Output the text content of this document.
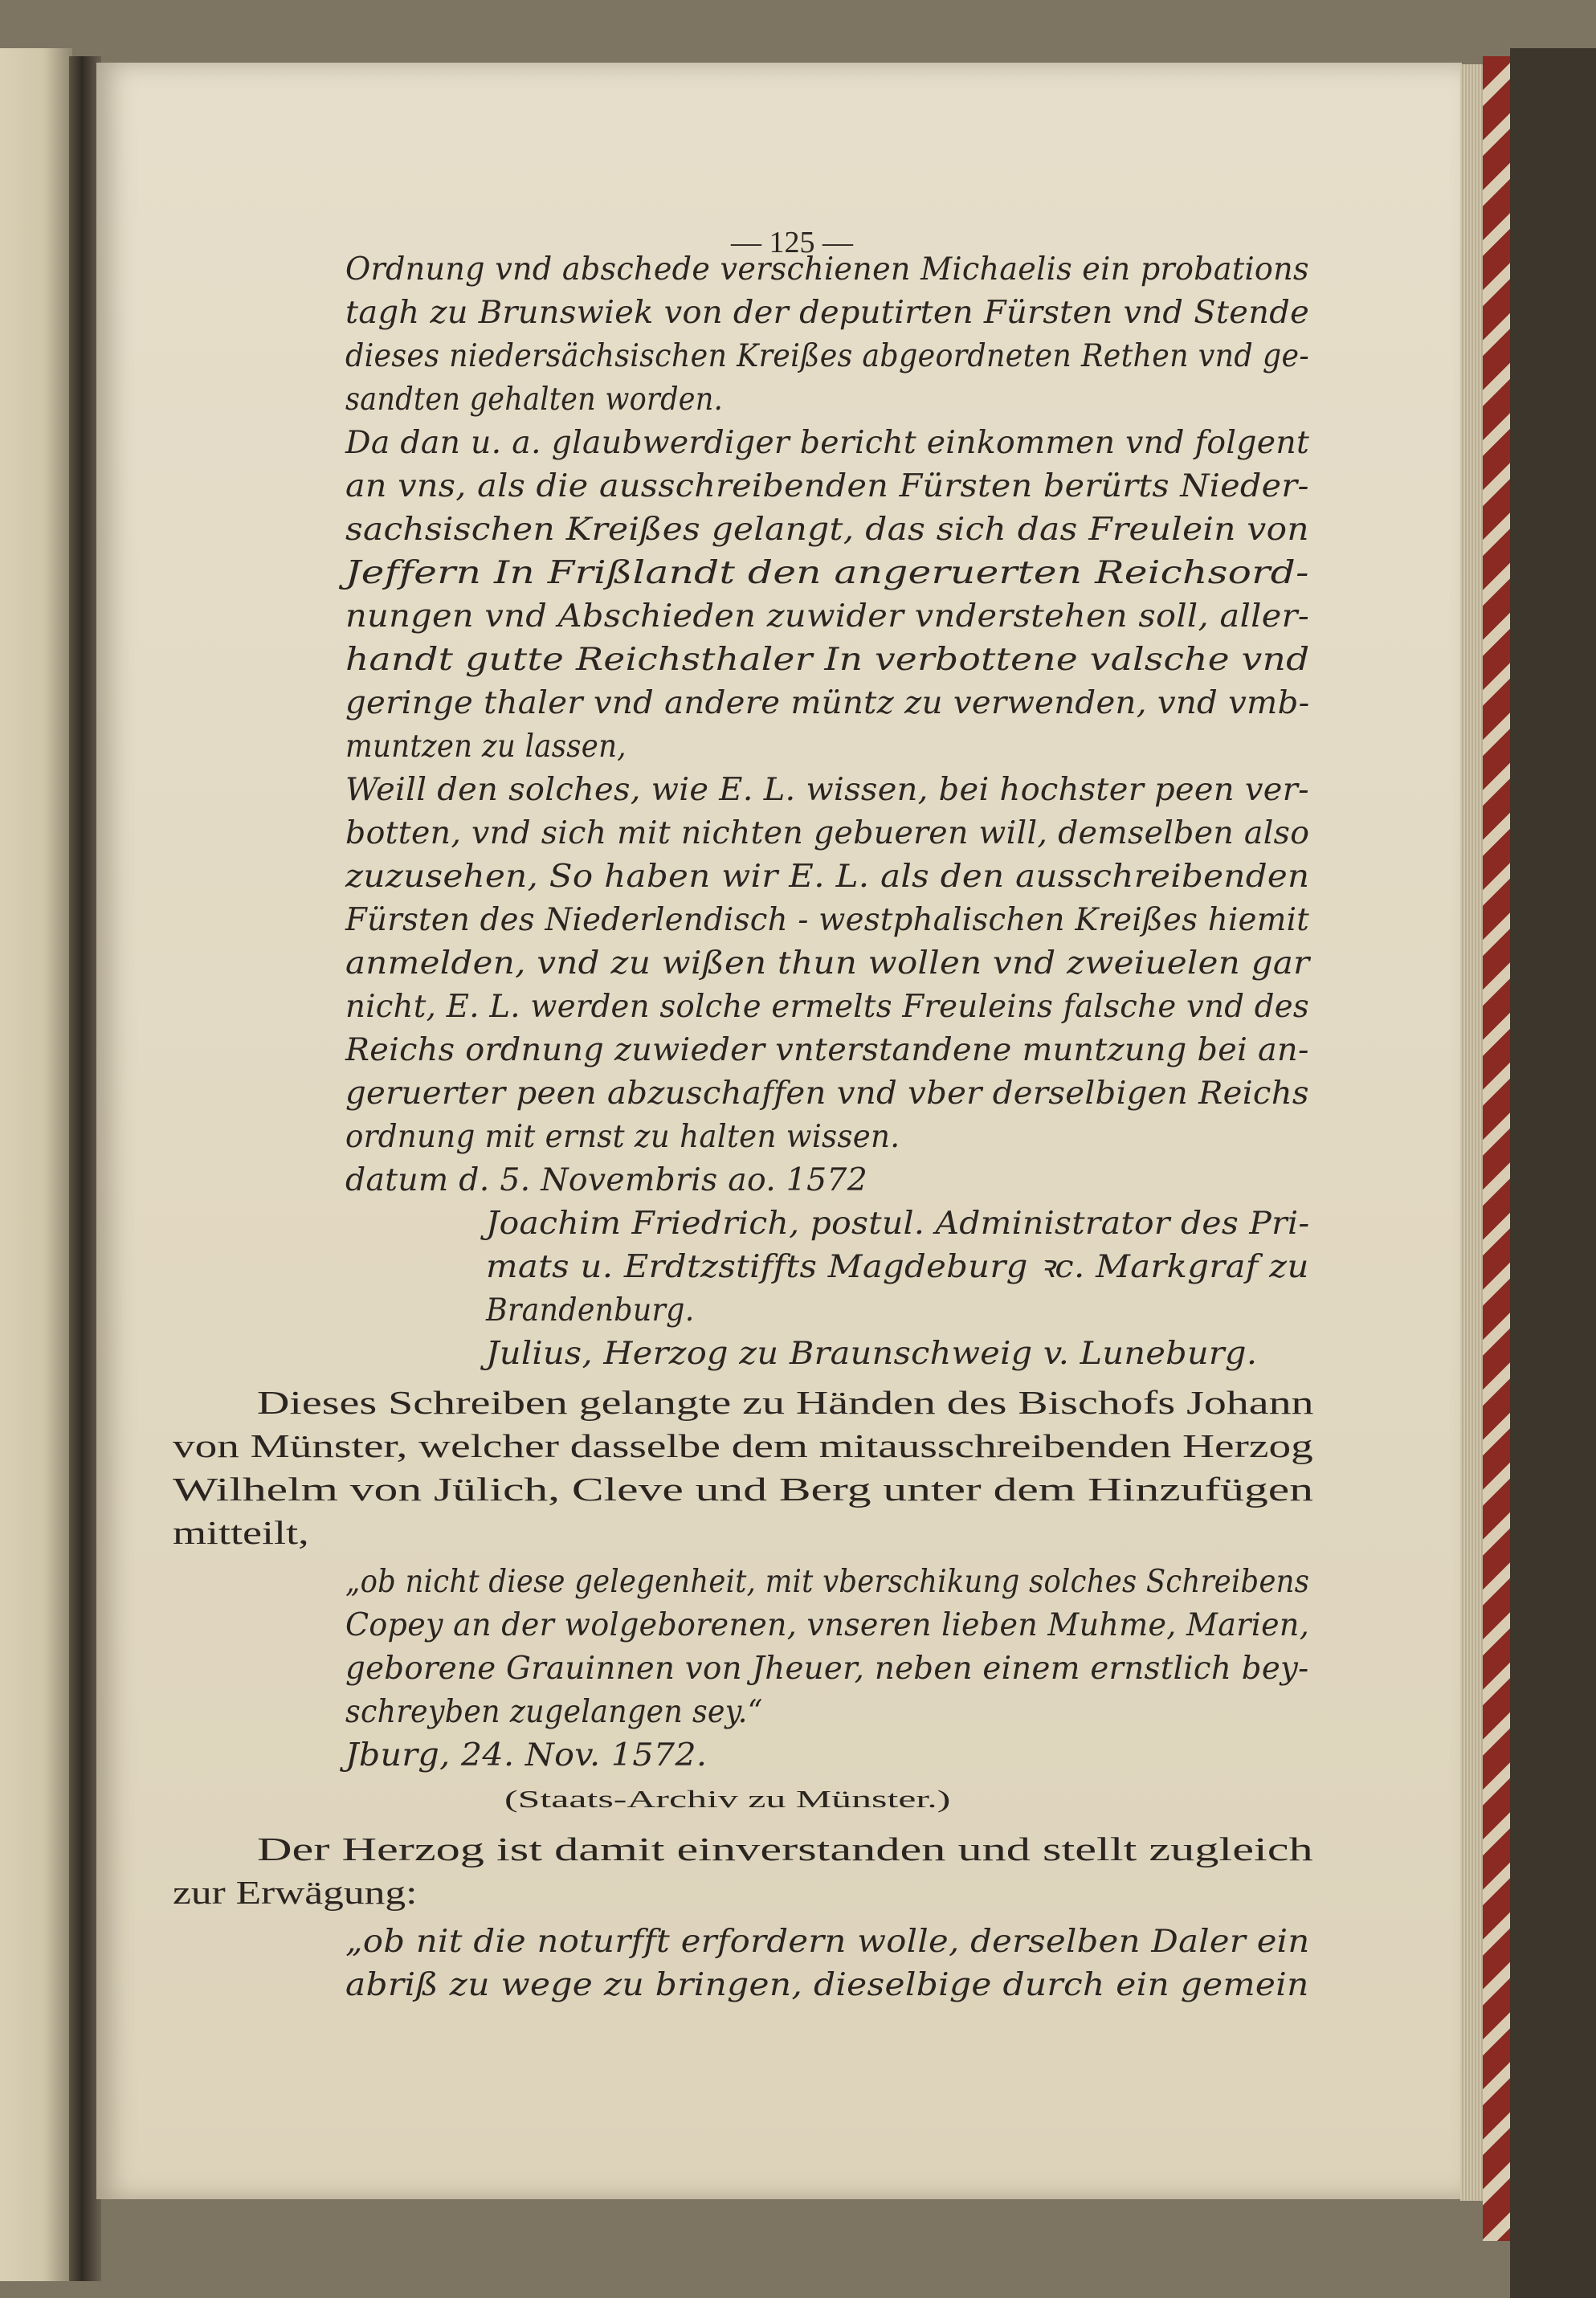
— 125 —
Ordnung vnd abschede verschienen Michaelis ein probations
tagh zu Brunswiek von der deputirten Fürsten vnd Stende
dieses niedersächsischen Kreißes abgeordneten Rethen vnd ge-
sandten gehalten worden.
Da dan u. a. glaubwerdiger bericht einkommen vnd folgent
an vns, als die ausschreibenden Fürsten berürts Nieder-
sachsischen Kreißes gelangt, das sich das Freulein von
Jeffern In Frißlandt den angeruerten Reichsord-
nungen vnd Abschieden zuwider vnderstehen soll, aller-
handt gutte Reichsthaler In verbottene valsche vnd
geringe thaler vnd andere müntz zu verwenden, vnd vmb-
muntzen zu lassen,
Weill den solches, wie E. L. wissen, bei hochster peen ver-
botten, vnd sich mit nichten gebueren will, demselben also
zuzusehen, So haben wir E. L. als den ausschreibenden
Fürsten des Niederlendisch - westphalischen Kreißes hiemit
anmelden, vnd zu wißen thun wollen vnd zweiuelen gar
nicht, E. L. werden solche ermelts Freuleins falsche vnd des
Reichs ordnung zuwieder vnterstandene muntzung bei an-
geruerter peen abzuschaffen vnd vber derselbigen Reichs
ordnung mit ernst zu halten wissen.
datum d. 5. Novembris ao. 1572
Joachim Friedrich, postul. Administrator des Pri-
mats u. Erdtzstiffts Magdeburg ꝛc. Markgraf zu
Brandenburg.
Julius, Herzog zu Braunschweig v. Luneburg.
Dieses Schreiben gelangte zu Händen des Bischofs Johann
von Münster, welcher dasselbe dem mitausschreibenden Herzog
Wilhelm von Jülich, Cleve und Berg unter dem Hinzufügen
mitteilt,
„ob nicht diese gelegenheit, mit vberschikung solches Schreibens
Copey an der wolgeborenen, vnseren lieben Muhme, Marien,
geborene Grauinnen von Jheuer, neben einem ernstlich bey-
schreyben zugelangen sey.“
Jburg, 24. Nov. 1572.
(Staats-Archiv zu Münster.)
Der Herzog ist damit einverstanden und stellt zugleich
zur Erwägung:
„ob nit die noturfft erfordern wolle, derselben Daler ein
abriß zu wege zu bringen, dieselbige durch ein gemein
